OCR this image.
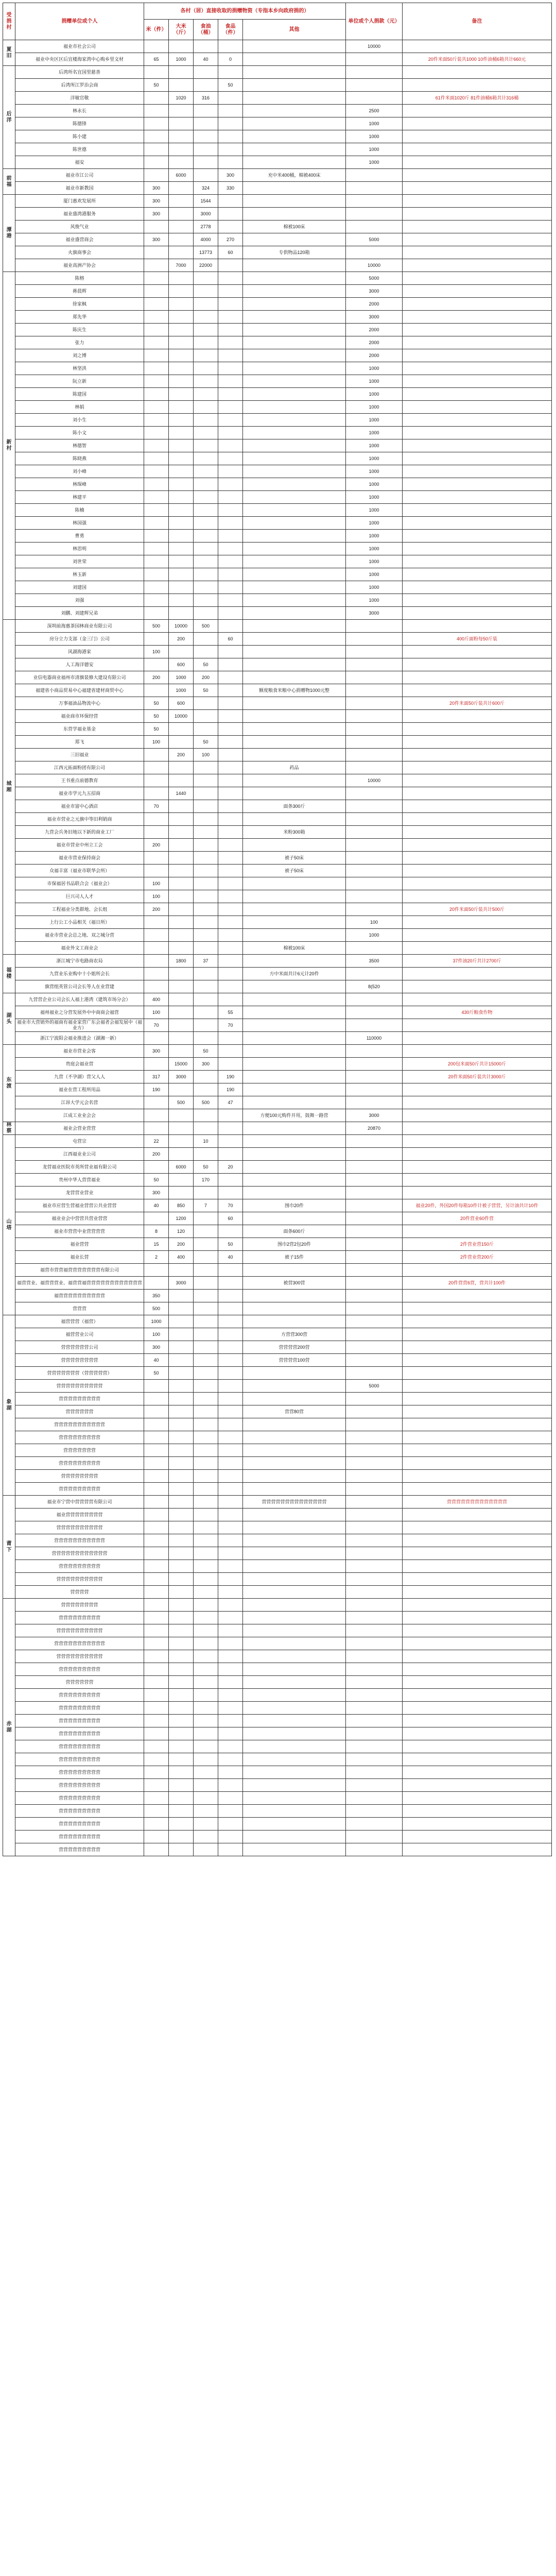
受捐村	捐赠单位或个人	各村（居）直接收取的捐赠物资（专指本乡向政府捐的）					单位或个人捐款（元）	备注
		米（件）	大米（斤）	食油（桶）	食品（件）	其他		
夏旧	福业市社会公司						10000	
	福业中央区区后宜楼海家湾中心购乡里文材	65	1000	40	0			20件米面50斤装共1000 10件油桶6箱共计660元
后洋	后湾所名宜国里慈善							
	后湾所江罗治会商	50			50			
	洋敏官敬		1020	316				61件米面1020斤 81件油桶6箱共计316桶
	林永长						2500	
	陈德锋						1000	
	陈小建						1000	
	陈世德						1000	
	福安						1000	
前福	福业市江公司		6000		300	充中米400桶，棉被400床		
	福业市新教国	300		324	330			
潭港	厦门惠欢发展所	300		1544				
	福业盛湾港服务	300		3000				
	风俊气业			2778		棉被100床		
	福业盛营商会	300		4000	270		5000	
	火旗商事会			13773	60	专供物品120箱		
	福业高洲产协会		7000	22000			10000	
新村	陈榕						5000	
	蒋晨辉						3000	
	徐家枫						2000	
	郑先华						3000	
	陈庆生						2000	
	张力						2000	
	刘之博						2000	
	林坚洪						1000	
	阮立新						1000	
	陈建国						1000	
	林娟						1000	
	刘小生						1000	
	陈小文						1000	
	林德智						1000	
	陈晓燕						1000	
	刘小峰						1000	
	林琛峰						1000	
	林建平						1000	
	陈楠						1000	
	林国强						1000	
	曹勇						1000	
	林思明						1000	
	刘世荣						1000	
	林玉新						1000	
	刘建国						1000	
	刘强						1000	
	刘鹏、刘建辉兄弟						3000	
城厢	深圳前海惠茶园林商业有限公司	500	10000	500				
	房分立力支部（金三门）公司		200		60			400斤面粉每50斤装
	风湖海港家	100						
	人工海洋德安		600	50				
	业信电器商业福州市清旗装修大建设有限公司	200	1000	200				
	福建省小商品贸易中心福建省建材商贸中心		1000	50		额度粮食米粮中心捐赠物1000元整		
	万事福油品物流中心	50	600					20件米面50斤装共计600斤
	福业商市环保经营	50	10000					
	东营学福业基金	50						
	郑飞	100		50				
	三旧福业		200	100				
	江西元拓面粉团有限公司					药品		
	王书重点前德教育						10000	
	福业市学元九五招商		1440					
	福业市富中心酒店	70				面条300斤		
	福业市营业之元旗中等旧利销商							
	九营会兵务旧地以下新的商业工厂					米粉300箱		
	福业市营业中州立工会	200						
	福业市营业保持商会					被子50床		
	众福丰富（福业市联华会所）					被子50床		
	市保福居书品联合会（福业会）	100						
	巨兴司人人才	100						
	工程福业分类群地、会长组	200						20件米面50斤装共计500斤
	上行公工小品相关（福日所）						100	
	福业市营业会总之地、双之城分营						1000	
	福业外文工商业会					棉被100床		
福楼	浙江城宁市电路商农局		1800	37			3500	37件油20斤共计2700斤
	九营业乐业购中十小姐所会长					方中米面共计6元计20件		
	旗营组英管公司会长等人在业营建						8(520	
湖头	九营营企业公司会长人福上港湾（建筑市场分会）	400						
	福州福业之分营发展外中中商商会福营	100			55			430斤粮食作物
	福业市大营销外的福商有福业家营广东会福者会福发展中（福业方）	70			70			
	浙江宁波阳会福业推进会（湖湘一新）						110000	
东渡	福业市营业会客	300		50				
	贵庭会福业营		15000	300				200包米面50斤共计15000斤
	九营（不孕湖）营父人人	317	3000		190			20件米面50斤装共计3000斤
	福业在营工程所用品	190			190			
	江昂大学元会名营		500	500	47			
	江成工业业会会					方便100元购件开用，鼓舞一路营	3000	
林蔡	福业会营业营营						20870	
山塔	屯营宗	22		10				
	江西福业业公司	200						
	龙营福业医院市英所营业福有限公司		6000	50	20			
	贵州中华人营营福业	50		170				
	龙营营业营业	300						
	福业市应营生营福业营营公共业营营	40	850	7	70	围巾20件		福业20件，外国20件每箱10件计被子营营，另计油共计10件
	福业业会中营营共营业营营		1200		60			20件营业60件营
	福业市营营中业营营营营	8	120			面条600斤		
	福业营营	15	200		50	围巾2营2包20件		2件营业营150斤
	福业长营	2	400		40	被子15件		2件营业营200斤
	福营市营营福营营营营营营营有限公司							
	福营营业、福营营营业、福营营福营营营营营营营营营营营营		3000			被营300营		20件营营6营，营共计100件
	福营营营营营营营营营营	350						
	营营营	500						
象湖	福营营营（福营）	1000						
	福营营业公司	100				方营营300营		
	营营营营营营公司	300				营营营营200营		
	营营营营营营营营	40				营营营营100营		
	营营营营营营营（营营营营营）	50						
	营营营营营营营营营营						5000	
	营营营营营营营营营							
	营营营营营营					营营80营		
	营营营营营营营营营营营							
	营营营营营营营营营							
	营营营营营营营							
	营营营营营营营营营							
	营营营营营营营营							
	营营营营营营营营营							
莆下	福业市宁营中营营营营有限公司					营营营营营营营营营营营营营营		营营营营营营营营营营营营营
	福业营营营营营营营营							
	营营营营营营营营营营							
	营营营营营营营营营营营							
	营营营营营营营营营营营营							
	营营营营营营营营营							
	营营营营营营营营营营							
	营营营营							
赤湖	营营营营营营营营							
	营营营营营营营营营							
	营营营营营营营营营营							
	营营营营营营营营营营营							
	营营营营营营营营营营							
	营营营营营营营营营							
	营营营营营营							
	营营营营营营营营营							
	营营营营营营营营营							
	营营营营营营营营营							
	营营营营营营营营营							
	营营营营营营营营营							
	营营营营营营营营营							
	营营营营营营营营营							
	营营营营营营营营营							
	营营营营营营营营营							
	营营营营营营营营营							
	营营营营营营营营营							
	营营营营营营营营营							
	营营营营营营营营营							
